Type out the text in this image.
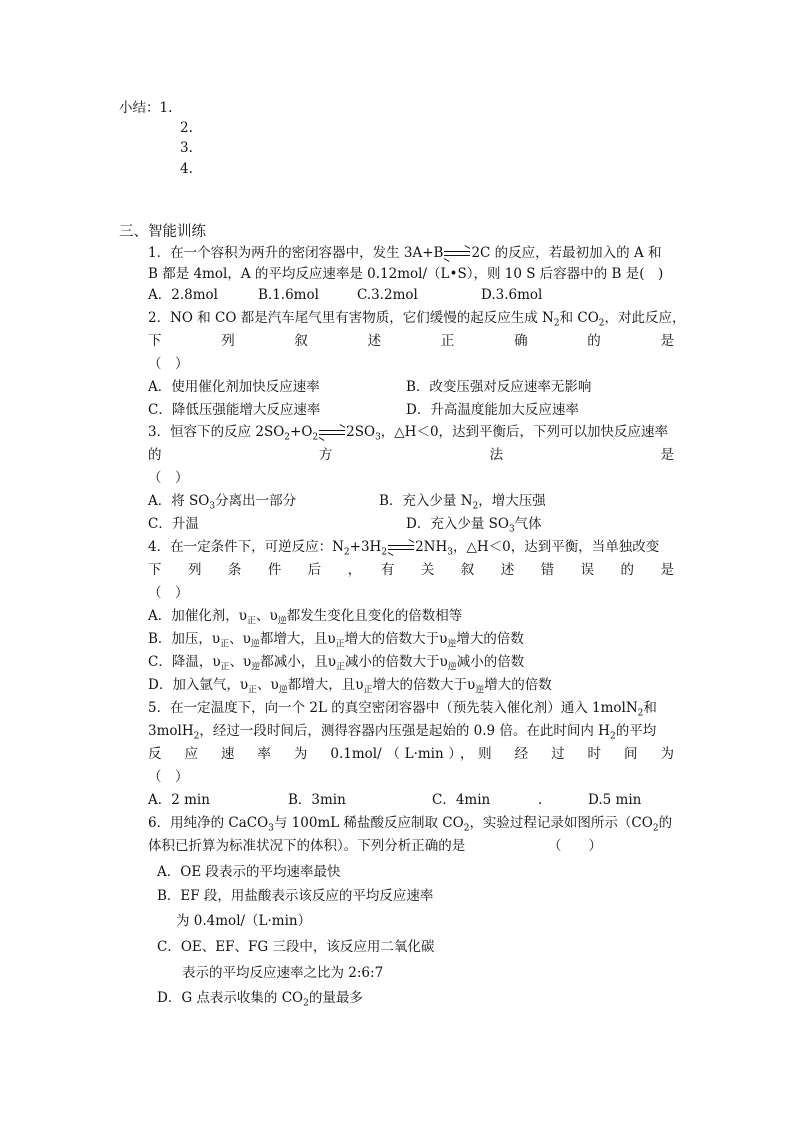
小结：1.
2.
3.
4.
三、智能训练
1．在一个容积为两升的密闭容器中，发生 3A+B 2C 的反应，若最初加入的 A 和
B 都是 4mol，A 的平均反应速率是 0.12mol/（L•S），则 10 S 后容器中的 B 是(　)
A．2.8mol	B.1.6mol	C.3.2mol	D.3.6mol
2．NO 和 CO 都是汽车尾气里有害物质，它们缓慢的起反应生成 $N_2$和 $CO_2$，对此反应，
下　列　叙　述　正　确　的　是
（　）
A．使用催化剂加快反应速率	B．改变压强对反应速率无影响
C．降低压强能增大反应速率	D．升高温度能加大反应速率
3．恒容下的反应 $2SO_2+O_2$ $2SO_3$，△H＜0，达到平衡后，下列可以加快反应速率
的　方　法　是
（　）
A．将 $SO_3$分离出一部分	B．充入少量 $N_2$，增大压强
C．升温	D．充入少量 $SO_3$气体
4．在一定条件下，可逆反应：$N_2+3H_2$ $2NH_3$，△H＜0，达到平衡，当单独改变
下　列　条　件　后　，　有　关　叙　述　错　误　的　是
（　）
A．加催化剂，$\upsilon_正$、$\upsilon_逆$都发生变化且变化的倍数相等
B．加压，$\upsilon_正$、$\upsilon_逆$都增大，且$\upsilon_正$增大的倍数大于$\upsilon_逆$增大的倍数
C．降温，$\upsilon_正$、$\upsilon_逆$都减小，且$\upsilon_正$减小的倍数大于$\upsilon_逆$减小的倍数
D．加入氩气，$\upsilon_正$、$\upsilon_逆$都增大，且$\upsilon_正$增大的倍数大于$\upsilon_逆$增大的倍数
5．在一定温度下，向一个 2L 的真空密闭容器中（预先装入催化剂）通入 1molN$_2$和
3molH$_2$，经过一段时间后，测得容器内压强是起始的 0.9 倍。在此时间内 $H_2$的平均
反　应　速　率　为　0.1mol/（L·min），则　经　过　时　间　为
（　）
A．2 min	B．3min	C．4min	.	D.5 min
6．用纯净的 CaCO$_3$与 100mL 稀盐酸反应制取 $CO_2$，实验过程记录如图所示（$CO_2$的
体积已折算为标准状况下的体积）。下列分析正确的是	（　　）
A．OE 段表示的平均速率最快
B．EF 段，用盐酸表示该反应的平均反应速率
为 0.4mol/（L·min）
C．OE、EF、FG 三段中，该反应用二氧化碳
表示的平均反应速率之比为 2:6:7
D．G 点表示收集的 $CO_2$的量最多
